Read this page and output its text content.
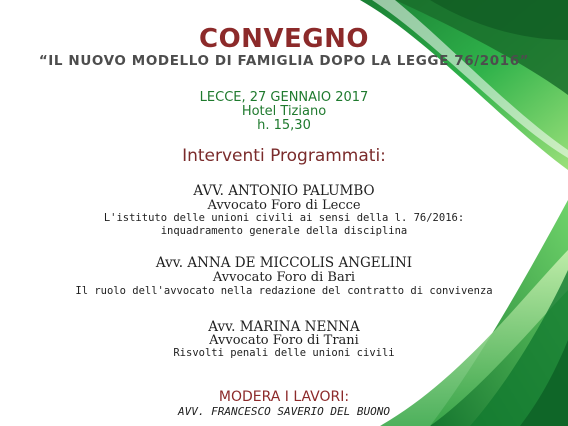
CONVEGNO
“IL NUOVO MODELLO DI FAMIGLIA DOPO LA LEGGE 76/2016”
LECCE, 27 GENNAIO 2017
Hotel Tiziano
h. 15,30
Interventi Programmati:
AVV. ANTONIO PALUMBO
Avvocato Foro di Lecce
L'istituto delle unioni civili ai sensi della l. 76/2016:
inquadramento generale della disciplina
Avv. ANNA DE MICCOLIS ANGELINI
Avvocato Foro di Bari
Il ruolo dell'avvocato nella redazione del contratto di convivenza
Avv. MARINA NENNA
Avvocato Foro di Trani
Risvolti penali delle unioni civili
MODERA I LAVORI:
AVV. FRANCESCO SAVERIO DEL BUONO
